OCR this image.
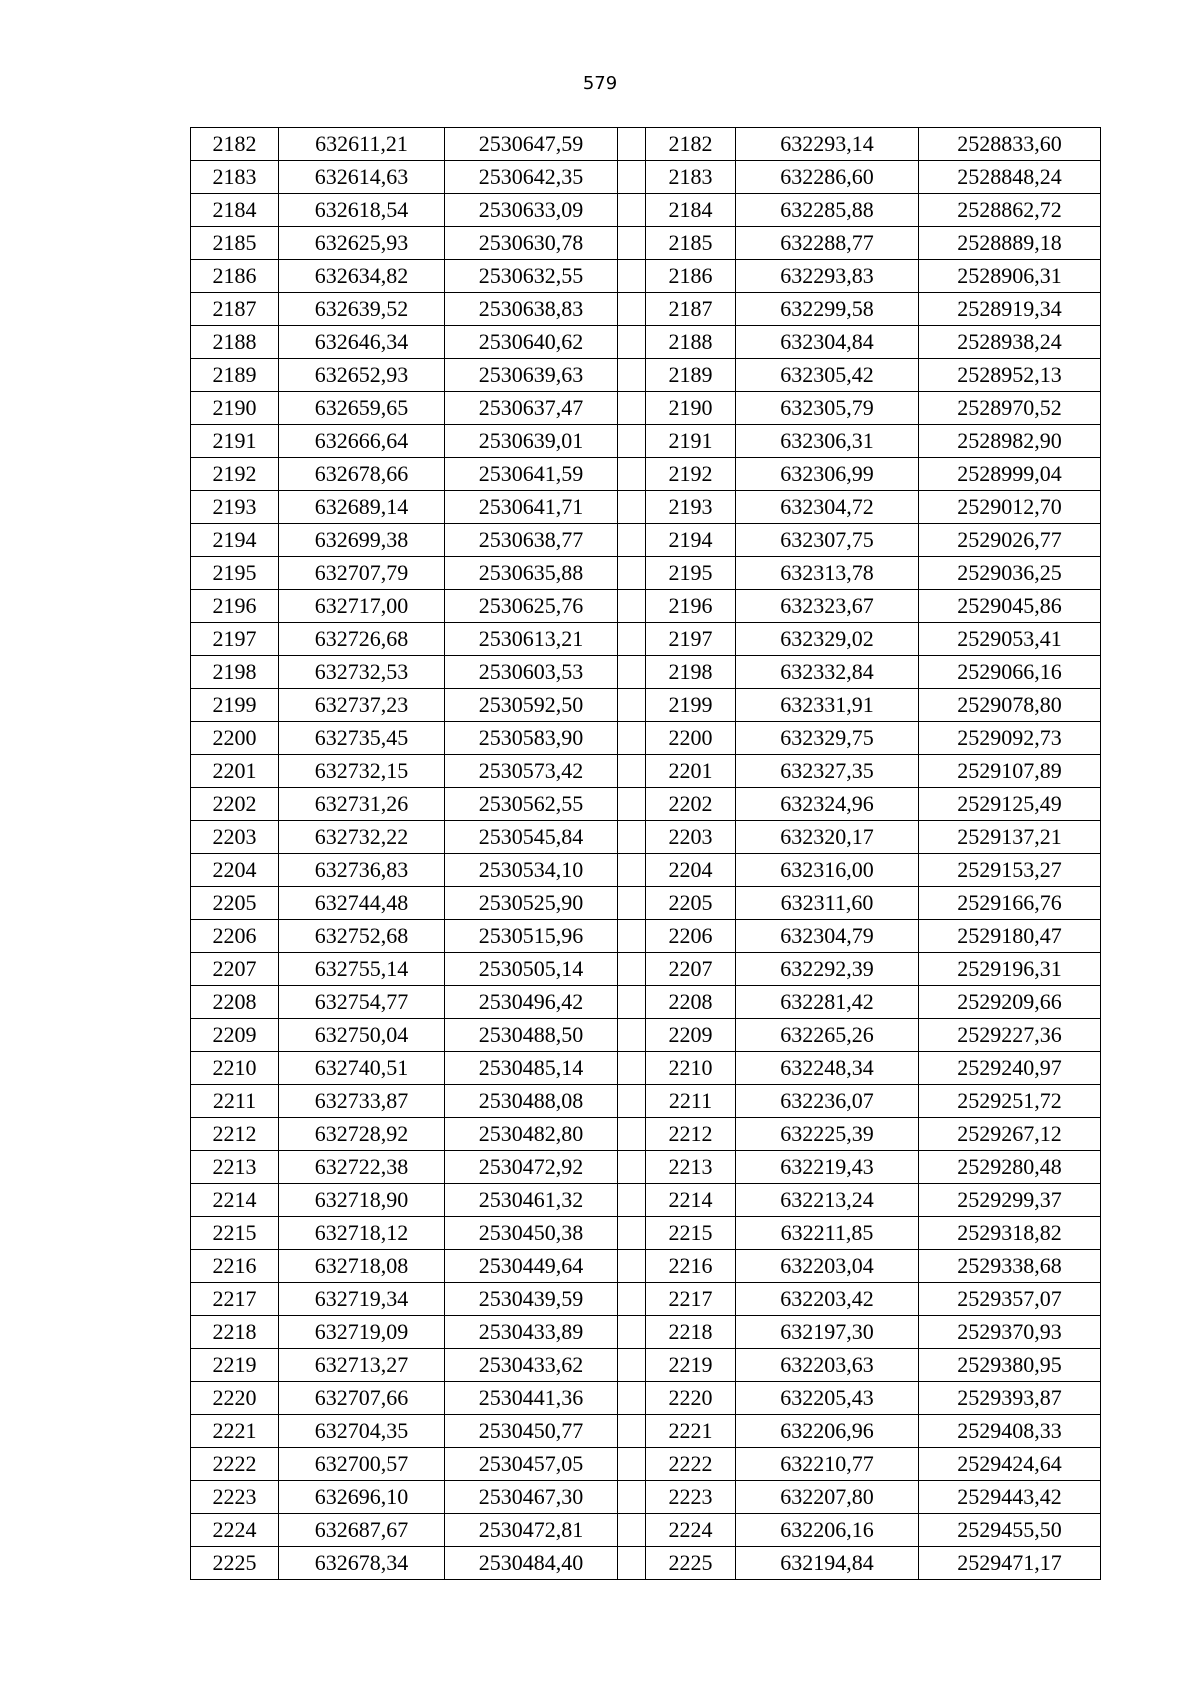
579
2182	632611,21	2530647,59		2182	632293,14	2528833,60
2183	632614,63	2530642,35		2183	632286,60	2528848,24
2184	632618,54	2530633,09		2184	632285,88	2528862,72
2185	632625,93	2530630,78		2185	632288,77	2528889,18
2186	632634,82	2530632,55		2186	632293,83	2528906,31
2187	632639,52	2530638,83		2187	632299,58	2528919,34
2188	632646,34	2530640,62		2188	632304,84	2528938,24
2189	632652,93	2530639,63		2189	632305,42	2528952,13
2190	632659,65	2530637,47		2190	632305,79	2528970,52
2191	632666,64	2530639,01		2191	632306,31	2528982,90
2192	632678,66	2530641,59		2192	632306,99	2528999,04
2193	632689,14	2530641,71		2193	632304,72	2529012,70
2194	632699,38	2530638,77		2194	632307,75	2529026,77
2195	632707,79	2530635,88		2195	632313,78	2529036,25
2196	632717,00	2530625,76		2196	632323,67	2529045,86
2197	632726,68	2530613,21		2197	632329,02	2529053,41
2198	632732,53	2530603,53		2198	632332,84	2529066,16
2199	632737,23	2530592,50		2199	632331,91	2529078,80
2200	632735,45	2530583,90		2200	632329,75	2529092,73
2201	632732,15	2530573,42		2201	632327,35	2529107,89
2202	632731,26	2530562,55		2202	632324,96	2529125,49
2203	632732,22	2530545,84		2203	632320,17	2529137,21
2204	632736,83	2530534,10		2204	632316,00	2529153,27
2205	632744,48	2530525,90		2205	632311,60	2529166,76
2206	632752,68	2530515,96		2206	632304,79	2529180,47
2207	632755,14	2530505,14		2207	632292,39	2529196,31
2208	632754,77	2530496,42		2208	632281,42	2529209,66
2209	632750,04	2530488,50		2209	632265,26	2529227,36
2210	632740,51	2530485,14		2210	632248,34	2529240,97
2211	632733,87	2530488,08		2211	632236,07	2529251,72
2212	632728,92	2530482,80		2212	632225,39	2529267,12
2213	632722,38	2530472,92		2213	632219,43	2529280,48
2214	632718,90	2530461,32		2214	632213,24	2529299,37
2215	632718,12	2530450,38		2215	632211,85	2529318,82
2216	632718,08	2530449,64		2216	632203,04	2529338,68
2217	632719,34	2530439,59		2217	632203,42	2529357,07
2218	632719,09	2530433,89		2218	632197,30	2529370,93
2219	632713,27	2530433,62		2219	632203,63	2529380,95
2220	632707,66	2530441,36		2220	632205,43	2529393,87
2221	632704,35	2530450,77		2221	632206,96	2529408,33
2222	632700,57	2530457,05		2222	632210,77	2529424,64
2223	632696,10	2530467,30		2223	632207,80	2529443,42
2224	632687,67	2530472,81		2224	632206,16	2529455,50
2225	632678,34	2530484,40		2225	632194,84	2529471,17
